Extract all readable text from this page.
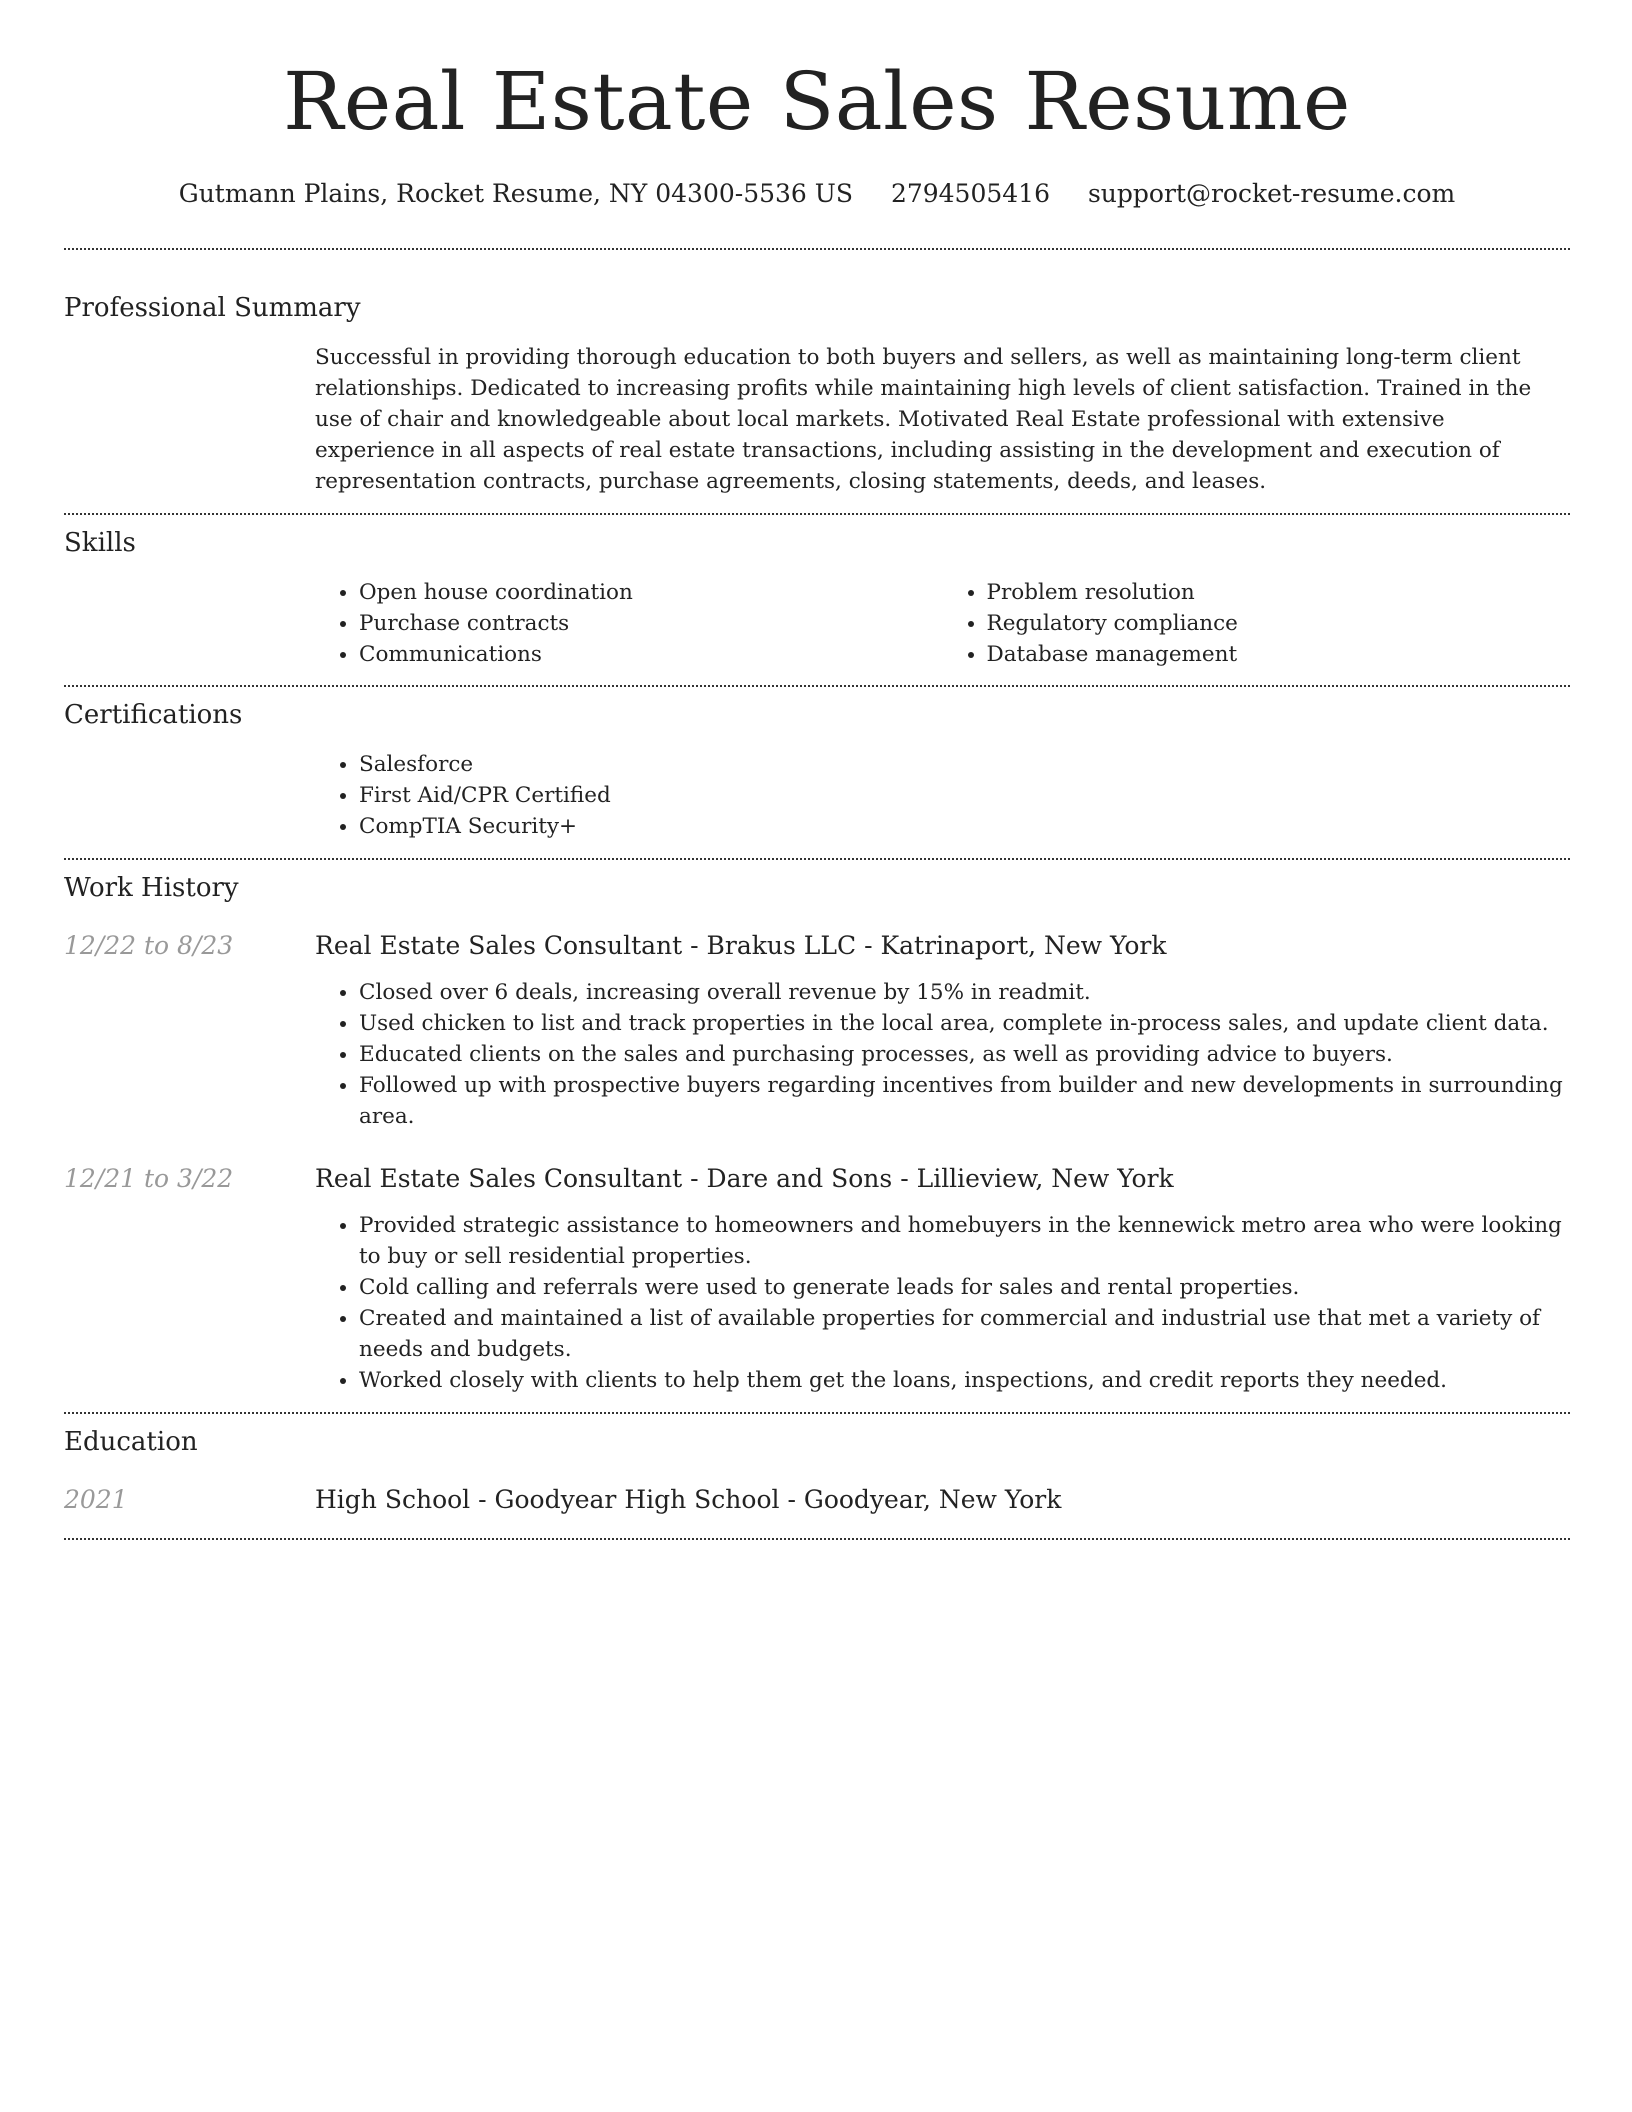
Real Estate Sales Resume
Gutmann Plains, Rocket Resume, NY 04300-5536 US 2794505416 support@rocket-resume.com
Professional Summary

Successful in providing thorough education to both buyers and sellers, as well as maintaining long-term client relationships. Dedicated to increasing profits while maintaining high levels of client satisfaction. Trained in the use of chair and knowledgeable about local markets. Motivated Real Estate professional with extensive experience in all aspects of real estate transactions, including assisting in the development and execution of representation contracts, purchase agreements, closing statements, deeds, and leases.

Skills
• Open house coordination
• Purchase contracts
• Communications
• Problem resolution
• Regulatory compliance
• Database management
Certifications
• Salesforce
• First Aid/CPR Certified
• CompTIA Security+
Work History
12/22 to 8/23	Real Estate Sales Consultant - Brakus LLC - Katrinaport, New York
• Closed over 6 deals, increasing overall revenue by 15% in readmit.
• Used chicken to list and track properties in the local area, complete in-process sales, and update client data.
• Educated clients on the sales and purchasing processes, as well as providing advice to buyers.
• Followed up with prospective buyers regarding incentives from builder and new developments in surrounding area.
12/21 to 3/22	Real Estate Sales Consultant - Dare and Sons - Lillieview, New York
• Provided strategic assistance to homeowners and homebuyers in the kennewick metro area who were looking to buy or sell residential properties.
• Cold calling and referrals were used to generate leads for sales and rental properties.
• Created and maintained a list of available properties for commercial and industrial use that met a variety of needs and budgets.
• Worked closely with clients to help them get the loans, inspections, and credit reports they needed.
Education
2021	High School - Goodyear High School - Goodyear, New York
